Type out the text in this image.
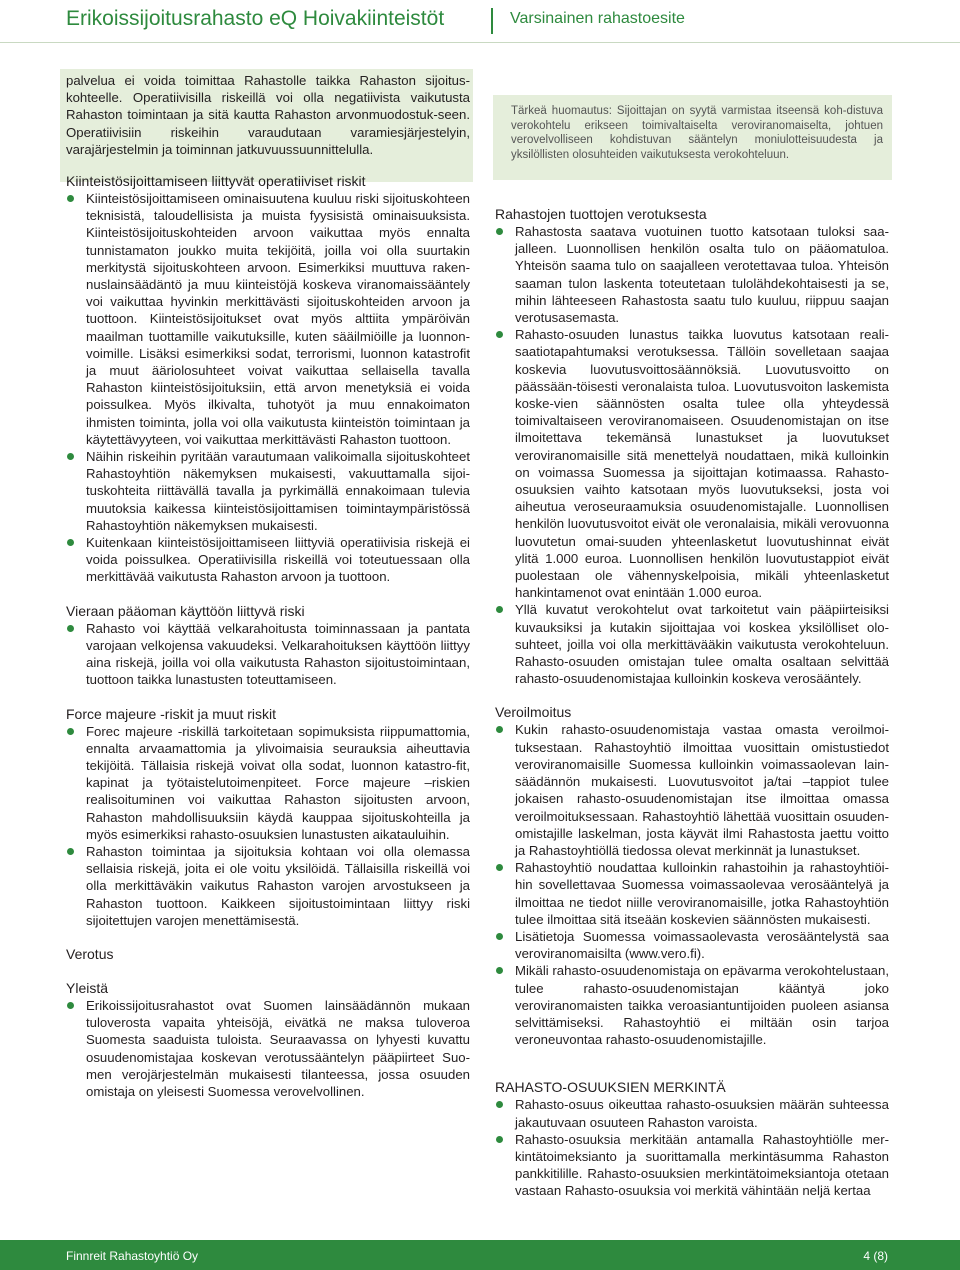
Erikoissijoitusrahasto eQ Hoivakiinteistöt	Varsinainen rahastoesite

palvelua ei voida toimittaa Rahastolle taikka Rahaston sijoitus-kohteelle. Operatiivisilla riskeillä voi olla negatiivista vaikutusta Rahaston toimintaan ja sitä kautta Rahaston arvonmuodostuk-seen. Operatiivisiin riskeihin varaudutaan varamiesjärjestelyin, varajärjestelmin ja toiminnan jatkuvuussuunnittelulla.

Kiinteistösijoittamiseen liittyvät operatiiviset riskit

Kiinteistösijoittamiseen ominaisuutena kuuluu riski sijoituskohteen teknisistä, taloudellisista ja muista fyysisistä ominaisuuksista. Kiinteistösijoituskohteiden arvoon vaikuttaa myös ennalta tunnistamaton joukko muita tekijöitä, joilla voi olla suurtakin merkitystä sijoituskohteen arvoon. Esimerkiksi muuttuva raken-nuslainsäädäntö ja muu kiinteistöjä koskeva viranomaissääntely voi vaikuttaa hyvinkin merkittävästi sijoituskohteiden arvoon ja tuottoon. Kiinteistösijoitukset ovat myös alttiita ympäröivän maailman tuottamille vaikutuksille, kuten sääilmiöille ja luonnon-voimille. Lisäksi esimerkiksi sodat, terrorismi, luonnon katastrofit ja muut ääriolosuhteet voivat vaikuttaa sellaisella tavalla Rahaston kiinteistösijoituksiin, että arvon menetyksiä ei voida poissulkea. Myös ilkivalta, tuhotyöt ja muu ennakoimaton ihmisten toiminta, jolla voi olla vaikutusta kiinteistön toimintaan ja käytettävyyteen, voi vaikuttaa merkittävästi Rahaston tuottoon.
Näihin riskeihin pyritään varautumaan valikoimalla sijoituskohteet Rahastoyhtiön näkemyksen mukaisesti, vakuuttamalla sijoi-tuskohteita riittävällä tavalla ja pyrkimällä ennakoimaan tulevia muutoksia kaikessa kiinteistösijoittamisen toimintaympäristössä Rahastoyhtiön näkemyksen mukaisesti.
Kuitenkaan kiinteistösijoittamiseen liittyviä operatiivisia riskejä ei voida poissulkea. Operatiivisilla riskeillä voi toteutuessaan olla merkittävää vaikutusta Rahaston arvoon ja tuottoon.

Vieraan pääoman käyttöön liittyvä riski

Rahasto voi käyttää velkarahoitusta toiminnassaan ja pantata varojaan velkojensa vakuudeksi. Velkarahoituksen käyttöön liittyy aina riskejä, joilla voi olla vaikutusta Rahaston sijoitustoimintaan, tuottoon taikka lunastusten toteuttamiseen.

Force majeure -riskit ja muut riskit

Forec majeure -riskillä tarkoitetaan sopimuksista riippumattomia, ennalta arvaamattomia ja ylivoimaisia seurauksia aiheuttavia tekijöitä. Tällaisia riskejä voivat olla sodat, luonnon katastro-fit, kapinat ja työtaistelutoimenpiteet. Force majeure –riskien realisoituminen voi vaikuttaa Rahaston sijoitusten arvoon, Rahaston mahdollisuuksiin käydä kauppaa sijoituskohteilla ja myös esimerkiksi rahasto-osuuksien lunastusten aikatauluihin.
Rahaston toimintaa ja sijoituksia kohtaan voi olla olemassa sellaisia riskejä, joita ei ole voitu yksilöidä. Tällaisilla riskeillä voi olla merkittäväkin vaikutus Rahaston varojen arvostukseen ja Rahaston tuottoon. Kaikkeen sijoitustoimintaan liittyy riski sijoitettujen varojen menettämisestä.

Verotus

Yleistä

Erikoissijoitusrahastot ovat Suomen lainsäädännön mukaan tuloverosta vapaita yhteisöjä, eivätkä ne maksa tuloveroa Suomesta saaduista tuloista. Seuraavassa on lyhyesti kuvattu osuudenomistajaa koskevan verotussääntelyn pääpiirteet Suo-men verojärjestelmän mukaisesti tilanteessa, jossa osuuden omistaja on yleisesti Suomessa verovelvollinen.
Tärkeä huomautus: Sijoittajan on syytä varmistaa itseensä koh-distuva verokohtelu erikseen toimivaltaiselta veroviranomaiselta, johtuen verovelvolliseen kohdistuvan sääntelyn moniulotteisuudesta ja yksilöllisten olosuhteiden vaikutuksesta verokohteluun.

Rahastojen tuottojen verotuksesta

Rahastosta saatava vuotuinen tuotto katsotaan tuloksi saa-jalleen. Luonnollisen henkilön osalta tulo on pääomatuloa. Yhteisön saama tulo on saajalleen verotettavaa tuloa. Yhteisön saaman tulon laskenta toteutetaan tulolähdekohtaisesti ja se, mihin lähteeseen Rahastosta saatu tulo kuuluu, riippuu saajan verotusasemasta.
Rahasto-osuuden lunastus taikka luovutus katsotaan reali-saatiotapahtumaksi verotuksessa. Tällöin sovelletaan saajaa koskevia luovutusvoittosäännöksiä. Luovutusvoitto on päässään-töisesti veronalaista tuloa. Luovutusvoiton laskemista koske-vien säännösten osalta tulee olla yhteydessä toimivaltaiseen veroviranomaiseen. Osuudenomistajan on itse ilmoitettava tekemänsä lunastukset ja luovutukset veroviranomaisille sitä menettelyä noudattaen, mikä kulloinkin on voimassa Suomessa ja sijoittajan kotimaassa. Rahasto-osuuksien vaihto katsotaan myös luovutukseksi, josta voi aiheutua veroseuraamuksia osuudenomistajalle. Luonnollisen henkilön luovutusvoitot eivät ole veronalaisia, mikäli verovuonna luovutetun omai-suuden yhteenlasketut luovutushinnat eivät ylitä 1.000 euroa. Luonnollisen henkilön luovutustappiot eivät puolestaan ole vähennyskelpoisia, mikäli yhteenlasketut hankintamenot ovat enintään 1.000 euroa.
Yllä kuvatut verokohtelut ovat tarkoitetut vain pääpiirteisiksi kuvauksiksi ja kutakin sijoittajaa voi koskea yksilölliset olo-suhteet, joilla voi olla merkittävääkin vaikutusta verokohteluun. Rahasto-osuuden omistajan tulee omalta osaltaan selvittää rahasto-osuudenomistajaa kulloinkin koskeva verosääntely.

Veroilmoitus

Kukin rahasto-osuudenomistaja vastaa omasta veroilmoi-tuksestaan. Rahastoyhtiö ilmoittaa vuosittain omistustiedot veroviranomaisille Suomessa kulloinkin voimassaolevan lain-säädännön mukaisesti. Luovutusvoitot ja/tai –tappiot tulee jokaisen rahasto-osuudenomistajan itse ilmoittaa omassa veroilmoituksessaan. Rahastoyhtiö lähettää vuosittain osuuden-omistajille laskelman, josta käyvät ilmi Rahastosta jaettu voitto ja Rahastoyhtiöllä tiedossa olevat merkinnät ja lunastukset.
Rahastoyhtiö noudattaa kulloinkin rahastoihin ja rahastoyhtiöi-hin sovellettavaa Suomessa voimassaolevaa verosääntelyä ja ilmoittaa ne tiedot niille veroviranomaisille, jotka Rahastoyhtiön tulee ilmoittaa sitä itseään koskevien säännösten mukaisesti.
Lisätietoja Suomessa voimassaolevasta verosääntelystä saa veroviranomaisilta (www.vero.fi).
Mikäli rahasto-osuudenomistaja on epävarma verokohtelustaan, tulee rahasto-osuudenomistajan kääntyä joko veroviranomaisten taikka veroasiantuntijoiden puoleen asiansa selvittämiseksi. Rahastoyhtiö ei miltään osin tarjoa veroneuvontaa rahasto-osuudenomistajille.

RAHASTO-OSUUKSIEN MERKINTÄ

Rahasto-osuus oikeuttaa rahasto-osuuksien määrän suhteessa jakautuvaan osuuteen Rahaston varoista.
Rahasto-osuuksia merkitään antamalla Rahastoyhtiölle mer-kintätoimeksianto ja suorittamalla merkintäsumma Rahaston pankkitilille. Rahasto-osuuksien merkintätoimeksiantoja otetaan vastaan Rahasto-osuuksia voi merkitä vähintään neljä kertaa
Finnreit Rahastoyhtiö Oy	4 (8)
